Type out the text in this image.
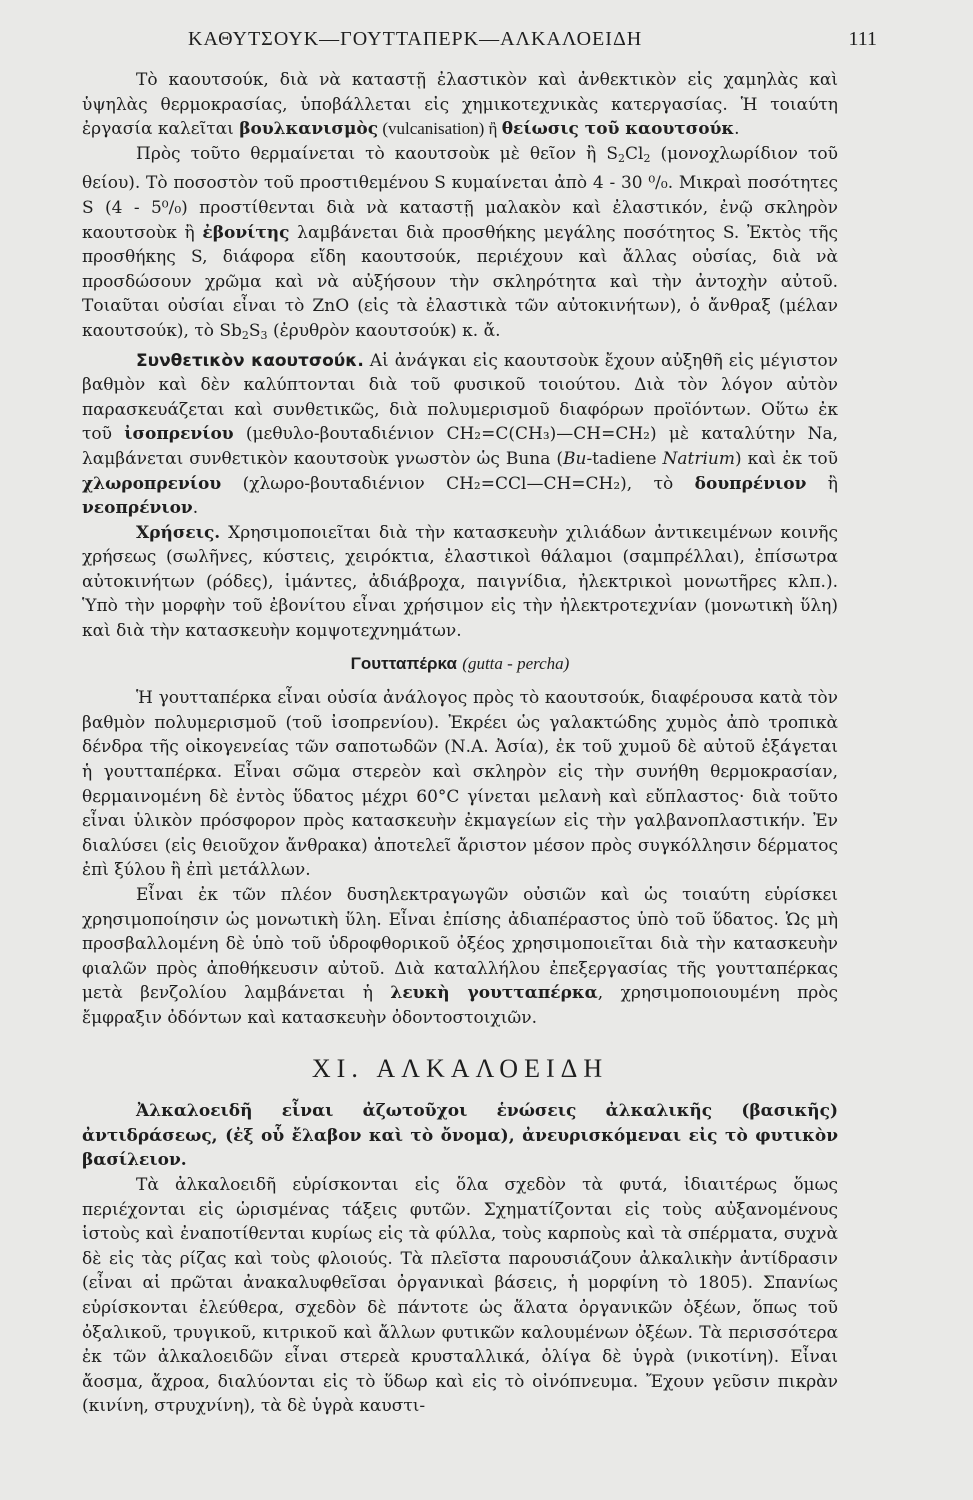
ΚΑΘΥΤΣΟΥΚ—ΓΟΥΤΤΑΠΕΡΚ—ΑΛΚΑΛΟΕΙΔΗ	111

Τὸ καουτσούκ, διὰ νὰ καταστῇ ἐλαστικὸν καὶ ἀνθεκτικὸν εἰς χαμηλὰς καὶ ὑψηλὰς θερμοκρασίας, ὑποβάλλεται εἰς χημικοτεχνικὰς κατεργασίας. Ἡ τοιαύτη ἐργασία καλεῖται βουλκανισμὸς (vulcanisation) ἢ θείωσις τοῦ καουτσούκ.

Πρὸς τοῦτο θερμαίνεται τὸ καουτσοὺκ μὲ θεῖον ἢ $S_2Cl_2$ (μονοχλωρίδιον τοῦ θείου). Τὸ ποσοστὸν τοῦ προστιθεμένου S κυμαίνεται ἀπὸ 4 - 30 ⁰/₀. Μικραὶ ποσότητες S (4 - 5⁰/₀) προστίθενται διὰ νὰ καταστῇ μαλακὸν καὶ ἐλαστικόν, ἐνῷ σκληρὸν καουτσοὺκ ἢ ἐβονίτης λαμβάνεται διὰ προσθήκης μεγάλης ποσότητος S. Ἐκτὸς τῆς προσθήκης S, διάφορα εἴδη καουτσούκ, περιέχουν καὶ ἄλλας οὐσίας, διὰ νὰ προσδώσουν χρῶμα καὶ νὰ αὐξήσουν τὴν σκληρότητα καὶ τὴν ἀντοχὴν αὐτοῦ. Τοιαῦται οὐσίαι εἶναι τὸ ZnO (εἰς τὰ ἐλαστικὰ τῶν αὐτοκινήτων), ὁ ἄνθραξ (μέλαν καουτσούκ), τὸ $Sb_2S_3$ (ἐρυθρὸν καουτσούκ) κ. ἄ.

Συνθετικὸν καουτσούκ. Αἱ ἀνάγκαι εἰς καουτσοὺκ ἔχουν αὐξηθῆ εἰς μέγιστον βαθμὸν καὶ δὲν καλύπτονται διὰ τοῦ φυσικοῦ τοιούτου. Διὰ τὸν λόγον αὐτὸν παρασκευάζεται καὶ συνθετικῶς, διὰ πολυμερισμοῦ διαφόρων προϊόντων. Οὕτω ἐκ τοῦ ἰσοπρενίου (μεθυλο-βουταδιένιον CH₂=C(CH₃)—CH=CH₂) μὲ καταλύτην Na, λαμβάνεται συνθετικὸν καουτσοὺκ γνωστὸν ὡς Buna (Bu-tadiene Natrium) καὶ ἐκ τοῦ χλωροπρενίου (χλωρο-βουταδιένιον CH₂=CCl—CH=CH₂), τὸ δουπρένιον ἢ νεοπρένιον.

Χρήσεις. Χρησιμοποιεῖται διὰ τὴν κατασκευὴν χιλιάδων ἀντικειμένων κοινῆς χρήσεως (σωλῆνες, κύστεις, χειρόκτια, ἐλαστικοὶ θάλαμοι (σαμπρέλλαι), ἐπίσωτρα αὐτοκινήτων (ρόδες), ἱμάντες, ἀδιάβροχα, παιγνίδια, ἠλεκτρικοὶ μονωτῆρες κλπ.). Ὑπὸ τὴν μορφὴν τοῦ ἐβονίτου εἶναι χρήσιμον εἰς τὴν ἠλεκτροτεχνίαν (μονωτικὴ ὕλη) καὶ διὰ τὴν κατασκευὴν κομψοτεχνημάτων.

Γουτταπέρκα (gutta - percha)

Ἡ γουτταπέρκα εἶναι οὐσία ἀνάλογος πρὸς τὸ καουτσούκ, διαφέρουσα κατὰ τὸν βαθμὸν πολυμερισμοῦ (τοῦ ἰσοπρενίου). Ἐκρέει ὡς γαλακτώδης χυμὸς ἀπὸ τροπικὰ δένδρα τῆς οἰκογενείας τῶν σαποτωδῶν (Ν.Α. Ἀσία), ἐκ τοῦ χυμοῦ δὲ αὐτοῦ ἐξάγεται ἡ γουτταπέρκα. Εἶναι σῶμα στερεὸν καὶ σκληρὸν εἰς τὴν συνήθη θερμοκρασίαν, θερμαινομένη δὲ ἐντὸς ὕδατος μέχρι 60°C γίνεται μελανὴ καὶ εὔπλαστος· διὰ τοῦτο εἶναι ὑλικὸν πρόσφορον πρὸς κατασκευὴν ἐκμαγείων εἰς τὴν γαλβανοπλαστικήν. Ἐν διαλύσει (εἰς θειοῦχον ἄνθρακα) ἀποτελεῖ ἄριστον μέσον πρὸς συγκόλλησιν δέρματος ἐπὶ ξύλου ἢ ἐπὶ μετάλλων.

Εἶναι ἐκ τῶν πλέον δυσηλεκτραγωγῶν οὐσιῶν καὶ ὡς τοιαύτη εὑρίσκει χρησιμοποίησιν ὡς μονωτικὴ ὕλη. Εἶναι ἐπίσης ἀδιαπέραστος ὑπὸ τοῦ ὕδατος. Ὡς μὴ προσβαλλομένη δὲ ὑπὸ τοῦ ὑδροφθορικοῦ ὀξέος χρησιμοποιεῖται διὰ τὴν κατασκευὴν φιαλῶν πρὸς ἀποθήκευσιν αὐτοῦ. Διὰ καταλλήλου ἐπεξεργασίας τῆς γουτταπέρκας μετὰ βενζολίου λαμβάνεται ἡ λευκὴ γουτταπέρκα, χρησιμοποιουμένη πρὸς ἔμφραξιν ὀδόντων καὶ κατασκευὴν ὀδοντοστοιχιῶν.

XI. ΑΛΚΑΛΟΕΙΔΗ

Ἀλκαλοειδῆ εἶναι ἀζωτοῦχοι ἑνώσεις ἀλκαλικῆς (βασικῆς) ἀντιδράσεως, (ἐξ οὗ ἔλαβον καὶ τὸ ὄνομα), ἀνευρισκόμεναι εἰς τὸ φυτικὸν βασίλειον.

Τὰ ἀλκαλοειδῆ εὑρίσκονται εἰς ὅλα σχεδὸν τὰ φυτά, ἰδιαιτέρως ὅμως περιέχονται εἰς ὡρισμένας τάξεις φυτῶν. Σχηματίζονται εἰς τοὺς αὐξανομένους ἱστοὺς καὶ ἐναποτίθενται κυρίως εἰς τὰ φύλλα, τοὺς καρποὺς καὶ τὰ σπέρματα, συχνὰ δὲ εἰς τὰς ρίζας καὶ τοὺς φλοιούς. Τὰ πλεῖστα παρουσιάζουν ἀλκαλικὴν ἀντίδρασιν (εἶναι αἱ πρῶται ἀνακαλυφθεῖσαι ὀργανικαὶ βάσεις, ἡ μορφίνη τὸ 1805). Σπανίως εὑρίσκονται ἐλεύθερα, σχεδὸν δὲ πάντοτε ὡς ἅλατα ὀργανικῶν ὀξέων, ὅπως τοῦ ὀξαλικοῦ, τρυγικοῦ, κιτρικοῦ καὶ ἄλλων φυτικῶν καλουμένων ὀξέων. Τὰ περισσότερα ἐκ τῶν ἀλκαλοειδῶν εἶναι στερεὰ κρυσταλλικά, ὀλίγα δὲ ὑγρὰ (νικοτίνη). Εἶναι ἄοσμα, ἄχροα, διαλύονται εἰς τὸ ὕδωρ καὶ εἰς τὸ οἰνόπνευμα. Ἔχουν γεῦσιν πικρὰν (κινίνη, στρυχνίνη), τὰ δὲ ὑγρὰ καυστι-
